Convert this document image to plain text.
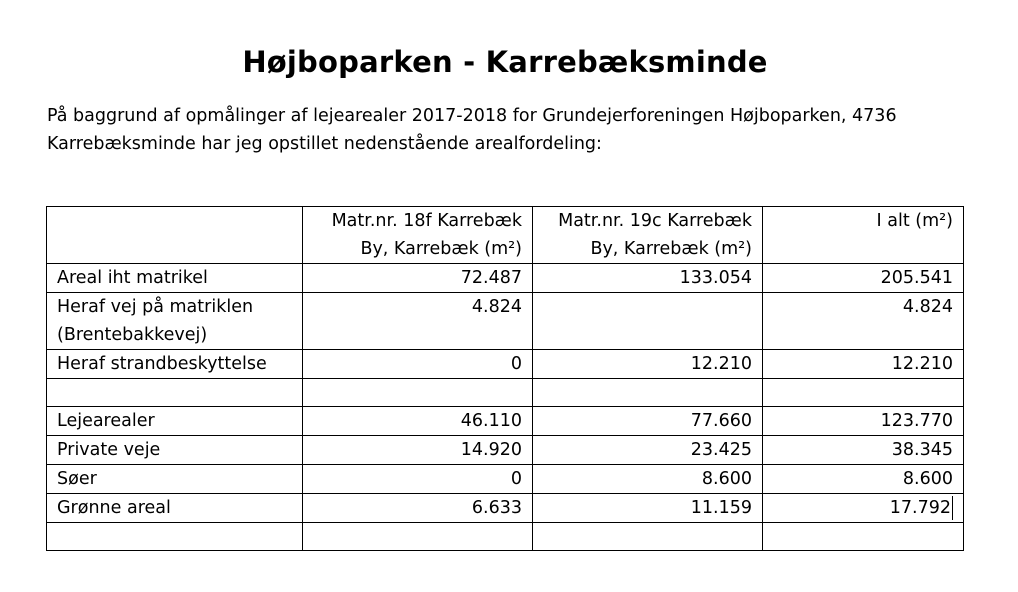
Højboparken - Karrebæksminde
På baggrund af opmålinger af lejearealer 2017-2018 for Grundejerforeningen Højboparken, 4736
Karrebæksminde har jeg opstillet nedenstående arealfordeling:

	Matr.nr. 18f Karrebæk
By, Karrebæk (m²)	Matr.nr. 19c Karrebæk
By, Karrebæk (m²)	I alt (m²)

Areal iht matrikel	72.487	133.054	205.541

Heraf vej på matriklen
(Brentebakkevej)	4.824		4.824
Heraf strandbeskyttelse	0	12.210	12.210

Lejearealer	46.110	77.660	123.770
Private veje	14.920	23.425	38.345
Søer	0	8.600	8.600
Grønne areal	6.633	11.159	17.792
